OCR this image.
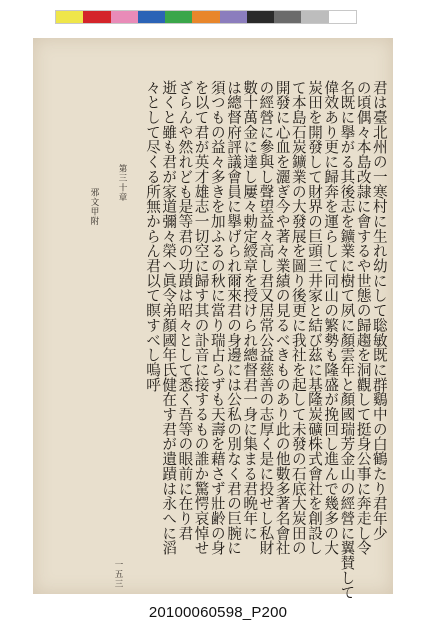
君は臺北州の一寒村に生れ幼にして聡敏既に群鷄中の白鶴たり君年少
の頃偶々本島改隷に會するや世態の歸趨を洞觀して挺身公事に奔走し令
名既に擧がる其後志を鑛業に樹て夙に顏雲年と顏國瑞芳金山の經營に翼賛して
偉效あり更に歸奔を運らして同山の繁勢も隆盛が挽回し進んで幾多の大
炭田を開發して財界の巨頭三井家と結び茲に基隆炭礦株式會社を創設し
て本島石炭鑛業の大發展を圖り後更に我社を起して未發の石底大炭田の
開發に心血を灑ぎ今や著々業績の見るべきものあり此の他數多著名會社
の經營に參與し聲望益々高し君又居常公益慈善の志厚く是に投せし私財
數十萬金に達し屢々勅定綬章を授けられ總督君一身に集まる君晩年に
は總督府評議會員に擧げられ爾來君の身邊には公私の別なく君の巨腕に
須つもの益々多きを加ふるの秋に當り瑞占らずも天壽を藉さず壯齢の身
を以て君が英才雄志一切空に歸す其の訃音に接するもの誰か驚愕哀悼せ
ざらんや然れども是等君の功蹟は昭々として悉く吾等の眼前に在り君
逝くと雖も君が家道彌々榮へ眞令弟顏國年氏健在す君が遺蹟は永へに滔
々として尽くる所無からん君以て瞑すべし嗚呼
第三十章
邪文甲附
一五三
20100060598_P200
